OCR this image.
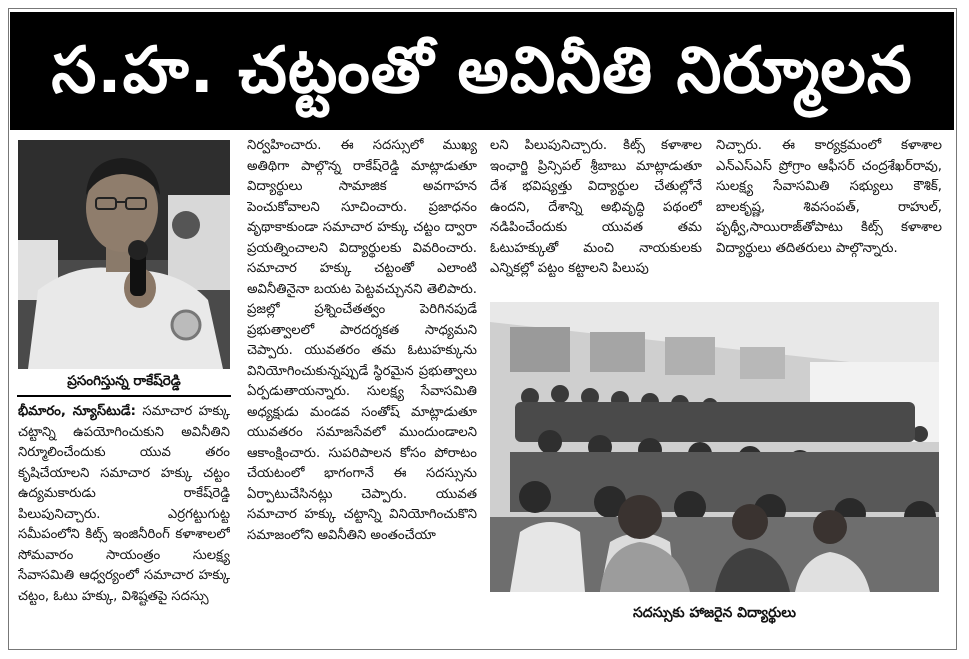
స.హ. చట్టంతో అవినీతి నిర్మూలన
ప్రసంగిస్తున్న రాకేష్‌రెడ్డి

భీమారం, న్యూస్‌టుడే: సమాచార హక్కు చట్టాన్ని ఉపయోగించుకుని అవినీతిని నిర్మూలించేందుకు యువ తరం కృషిచేయాలని సమాచార హక్కు చట్టం ఉద్యమకారుడు రాకేష్‌రెడ్డి పిలుపునిచ్చారు. ఎర్రగట్టుగుట్ట సమీపంలోని కిట్స్ ఇంజినీరింగ్ కళాశాలలో సోమవారం సాయంత్రం సులక్ష్య సేవాసమితి ఆధ్వర్యంలో సమాచార హక్కు చట్టం, ఓటు హక్కు, విశిష్టతపై సదస్సు

నిర్వహించారు. ఈ సదస్సులో ముఖ్య అతిథిగా పాల్గొన్న రాకేష్‌రెడ్డి మాట్లాడుతూ విద్యార్థులు సామాజిక అవగాహన పెంచుకోవాలని సూచించారు. ప్రజాధనం వృథాకాకుండా సమాచార హక్కు చట్టం ద్వారా ప్రయత్నించాలని విద్యార్థులకు వివరించారు. సమాచార హక్కు చట్టంతో ఎలాంటి అవినీతినైనా బయట పెట్టవచ్చునని తెలిపారు. ప్రజల్లో ప్రశ్నించేతత్వం పెరిగినపుడే ప్రభుత్వాలలో పారదర్శకత సాధ్యమని చెప్పారు. యువతరం తమ ఓటుహక్కును వినియోగించుకున్నప్పుడే స్థిరమైన ప్రభుత్వాలు ఏర్పడుతాయన్నారు. సులక్ష్య సేవాసమితి అధ్యక్షుడు మండవ సంతోష్ మాట్లాడుతూ యువతరం సమాజసేవలో ముందుండాలని ఆకాంక్షించారు. సుపరిపాలన కోసం పోరాటం చేయటంలో భాగంగానే ఈ సదస్సును ఏర్పాటుచేసినట్లు చెప్పారు. యువత సమాచార హక్కు చట్టాన్ని వినియోగించుకొని సమాజంలోని అవినీతిని అంతంచేయా

లని పిలుపునిచ్చారు. కిట్స్ కళాశాల ఇంఛార్జి ప్రిన్సిపల్ శ్రీబాబు మాట్లాడుతూ దేశ భవిష్యత్తు విద్యార్థుల చేతుల్లోనే ఉందని, దేశాన్ని అభివృద్ధి పథంలో నడిపించేందుకు యువత తమ ఓటుహక్కుతో మంచి నాయకులకు ఎన్నికల్లో పట్టం కట్టాలని పిలుపు

నిచ్చారు. ఈ కార్యక్రమంలో కళాశాల ఎన్ఎస్ఎస్ ప్రోగ్రాం ఆఫీసర్ చంద్రశేఖర్‌రావు, సులక్ష్య సేవాసమితి సభ్యులు కౌశిక్, బాలకృష్ణ, శివసంపత్, రాహుల్, పృథ్వీ,సాయిరాజ్‌తోపాటు కిట్స్ కళాశాల విద్యార్థులు తదితరులు పాల్గొన్నారు.

సదస్సుకు హాజరైన విద్యార్థులు
